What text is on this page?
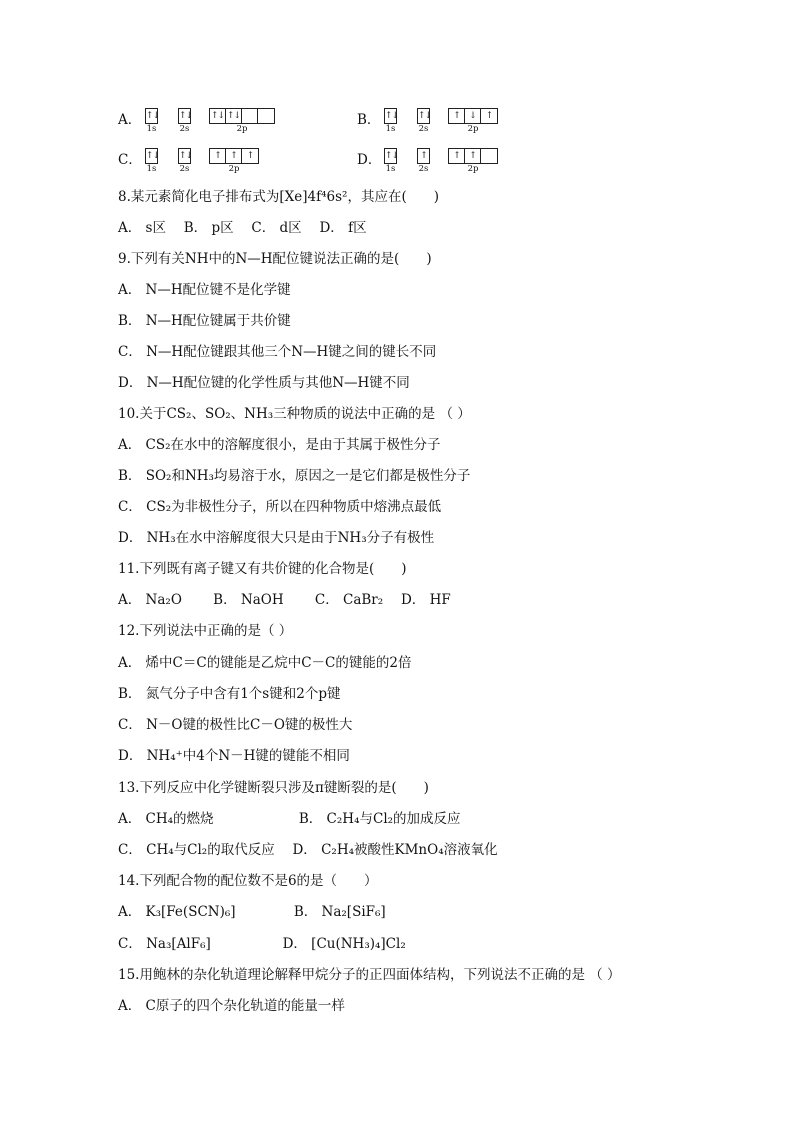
A． ↑↓
1s
↑↓
2s
↑↓ ↑↓
2p
B． ↑↓
1s
↑↓
2s
↑	↓	↑
2p
C． ↑↓
1s
↑↓
2s
↑	↑	↑
2p
D． ↑↓
1s
↑
2s
↑	↑
2p
8.某元素简化电子排布式为[Xe]4f⁴6s²，其应在(　　)
A． s区　 B． p区　 C． d区　 D． f区
9.下列有关NH中的N—H配位键说法正确的是(　　)
A． N—H配位键不是化学键
B． N—H配位键属于共价键
C． N—H配位键跟其他三个N—H键之间的键长不同
D． N—H配位键的化学性质与其他N—H键不同
10.关于CS₂、SO₂、NH₃三种物质的说法中正确的是 （ ）
A． CS₂在水中的溶解度很小，是由于其属于极性分子
B． SO₂和NH₃均易溶于水，原因之一是它们都是极性分子
C． CS₂为非极性分子，所以在四种物质中熔沸点最低
D． NH₃在水中溶解度很大只是由于NH₃分子有极性
11.下列既有离子键又有共价键的化合物是(　　)
A． Na₂O　　 B． NaOH　　 C． CaBr₂　 D． HF
12.下列说法中正确的是（ ）
A． 烯中C＝C的键能是乙烷中C－C的键能的2倍
B． 氮气分子中含有1个s键和2个p键
C． N－O键的极性比C－O键的极性大
D． NH₄⁺中4个N－H键的键能不相同
13.下列反应中化学键断裂只涉及π键断裂的是(　　)
A． CH₄的燃烧　　　　　　 B． C₂H₄与Cl₂的加成反应
C． CH₄与Cl₂的取代反应　 D． C₂H₄被酸性KMnO₄溶液氧化
14.下列配合物的配位数不是6的是（　　）
A． K₃[Fe(SCN)₆]　　　　 B． Na₂[SiF₆]
C． Na₃[AlF₆]　　　　　 D． [Cu(NH₃)₄]Cl₂
15.用鲍林的杂化轨道理论解释甲烷分子的正四面体结构，下列说法不正确的是 （ ）
A． C原子的四个杂化轨道的能量一样
